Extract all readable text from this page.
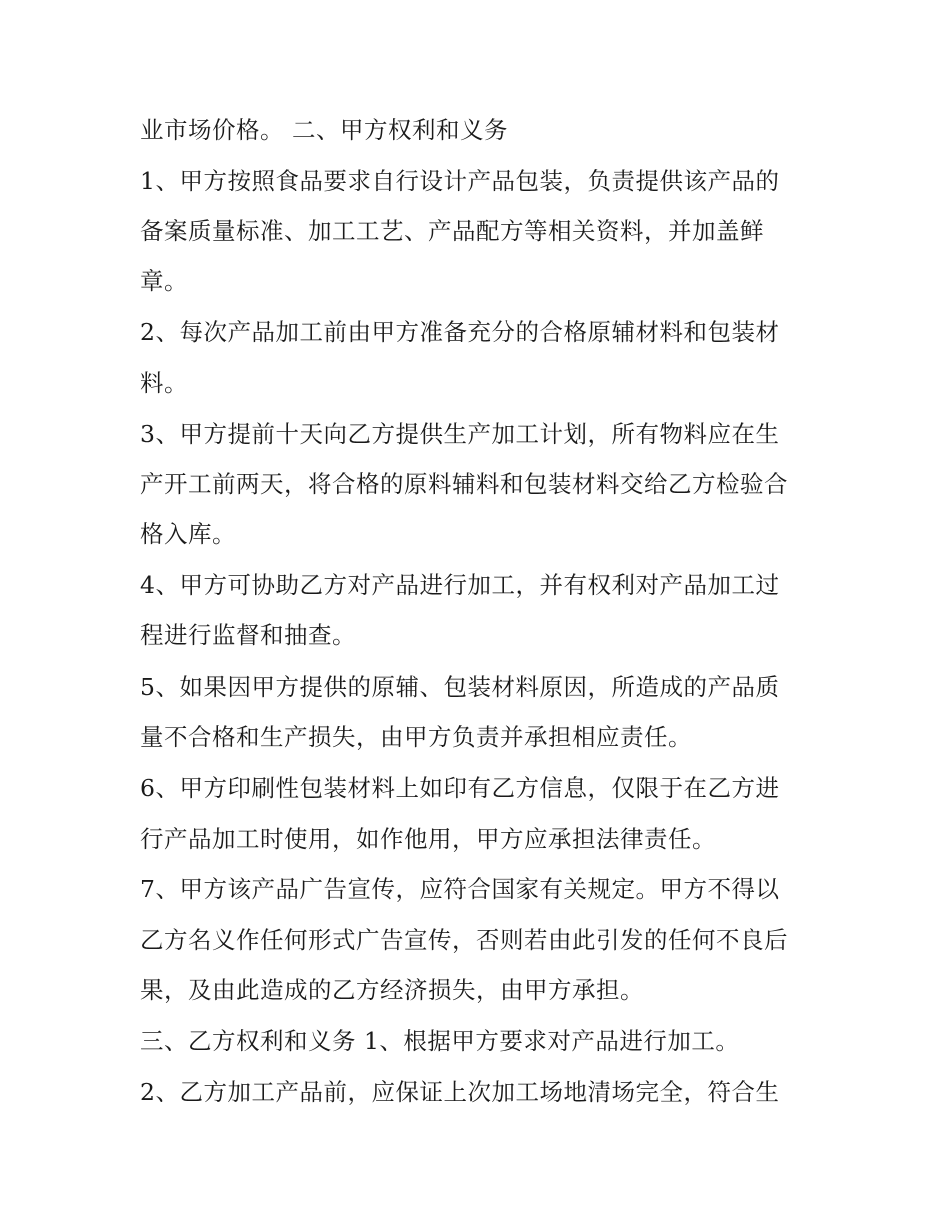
业市场价格。 二、甲方权利和义务

1、甲方按照食品要求自行设计产品包装，负责提供该产品的

备案质量标准、加工工艺、产品配方等相关资料，并加盖鲜

章。

2、每次产品加工前由甲方准备充分的合格原辅材料和包装材

料。

3、甲方提前十天向乙方提供生产加工计划，所有物料应在生

产开工前两天，将合格的原料辅料和包装材料交给乙方检验合

格入库。

4、甲方可协助乙方对产品进行加工，并有权利对产品加工过

程进行监督和抽查。

5、如果因甲方提供的原辅、包装材料原因，所造成的产品质

量不合格和生产损失，由甲方负责并承担相应责任。

6、甲方印刷性包装材料上如印有乙方信息，仅限于在乙方进

行产品加工时使用，如作他用，甲方应承担法律责任。

7、甲方该产品广告宣传，应符合国家有关规定。甲方不得以

乙方名义作任何形式广告宣传，否则若由此引发的任何不良后

果，及由此造成的乙方经济损失，由甲方承担。

三、乙方权利和义务 1、根据甲方要求对产品进行加工。

2、乙方加工产品前，应保证上次加工场地清场完全，符合生
